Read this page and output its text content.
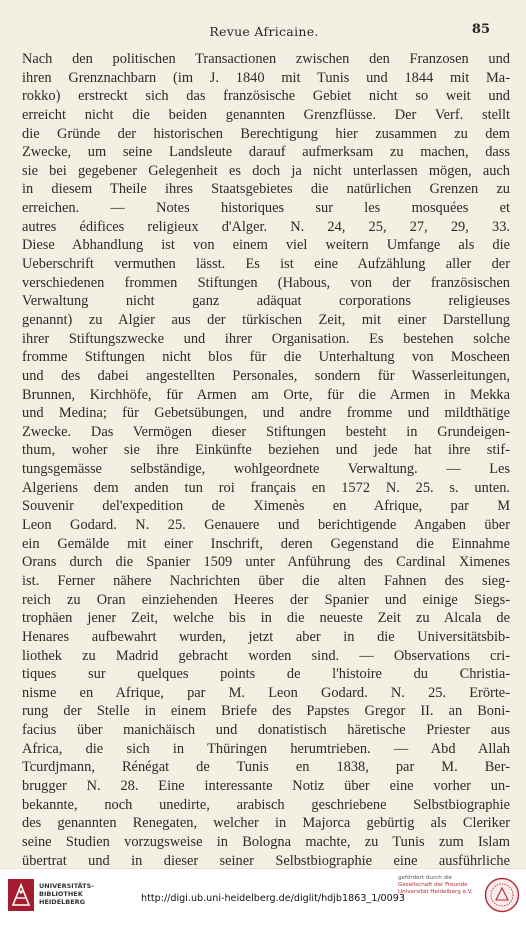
Revue Africaine.	85
Nach den politischen Transactionen zwischen den Franzosen und
ihren Grenznachbarn (im J. 1840 mit Tunis und 1844 mit Ma-
rokko) erstreckt sich das französische Gebiet nicht so weit und
erreicht nicht die beiden genannten Grenzflüsse. Der Verf. stellt
die Gründe der historischen Berechtigung hier zusammen zu dem
Zwecke, um seine Landsleute darauf aufmerksam zu machen, dass
sie bei gegebener Gelegenheit es doch ja nicht unterlassen mögen, auch
in diesem Theile ihres Staatsgebietes die natürlichen Grenzen zu
erreichen. — Notes historiques sur les mosquées et
autres édifices religieux d'Alger. N. 24, 25, 27, 29, 33.
Diese Abhandlung ist von einem viel weitern Umfange als die
Ueberschrift vermuthen lässt. Es ist eine Aufzählung aller der
verschiedenen frommen Stiftungen (Habous, von der französischen
Verwaltung nicht ganz adäquat corporations religieuses
genannt) zu Algier aus der türkischen Zeit, mit einer Darstellung
ihrer Stiftungszwecke und ihrer Organisation. Es bestehen solche
fromme Stiftungen nicht blos für die Unterhaltung von Moscheen
und des dabei angestellten Personales, sondern für Wasserleitungen,
Brunnen, Kirchhöfe, für Armen am Orte, für die Armen in Mekka
und Medina; für Gebetsübungen, und andre fromme und mildthätige
Zwecke. Das Vermögen dieser Stiftungen besteht in Grundeigen-
thum, woher sie ihre Einkünfte beziehen und jede hat ihre stif-
tungsgemässe selbständige, wohlgeordnete Verwaltung. — Les
Algeriens dem anden tun roi français en 1572 N. 25. s. unten.
Souvenir del'expedition de Ximenès en Afrique, par M
Leon Godard. N. 25. Genauere und berichtigende Angaben über
ein Gemälde mit einer Inschrift, deren Gegenstand die Einnahme
Orans durch die Spanier 1509 unter Anführung des Cardinal Ximenes
ist. Ferner nähere Nachrichten über die alten Fahnen des sieg-
reich zu Oran einziehenden Heeres der Spanier und einige Siegs-
trophäen jener Zeit, welche bis in die neueste Zeit zu Alcala de
Henares aufbewahrt wurden, jetzt aber in die Universitätsbib-
liothek zu Madrid gebracht worden sind. — Observations cri-
tiques sur quelques points de l'histoire du Christia-
nisme en Afrique, par M. Leon Godard. N. 25. Erörte-
rung der Stelle in einem Briefe des Papstes Gregor II. an Boni-
facius über manichäisch und donatistisch häretische Priester aus
Africa, die sich in Thüringen herumtrieben. — Abd Allah
Tcurdjmann, Rénégat de Tunis en 1838, par M. Ber-
brugger N. 28. Eine interessante Notiz über eine vorher un-
bekannte, noch unedirte, arabisch geschriebene Selbstbiographie
des genannten Renegaten, welcher in Majorca gebürtig als Cleriker
seine Studien vorzugsweise in Bologna machte, zu Tunis zum Islam
übertrat und in dieser seiner Selbstbiographie eine ausführliche
UNIVERSITÄTS-
BIBLIOTHEK
HEIDELBERG	http://digi.ub.uni-heidelberg.de/diglit/hdjb1863_1/0093
gefördert durch die
Gesellschaft der Freunde
Universität Heidelberg e.V.
